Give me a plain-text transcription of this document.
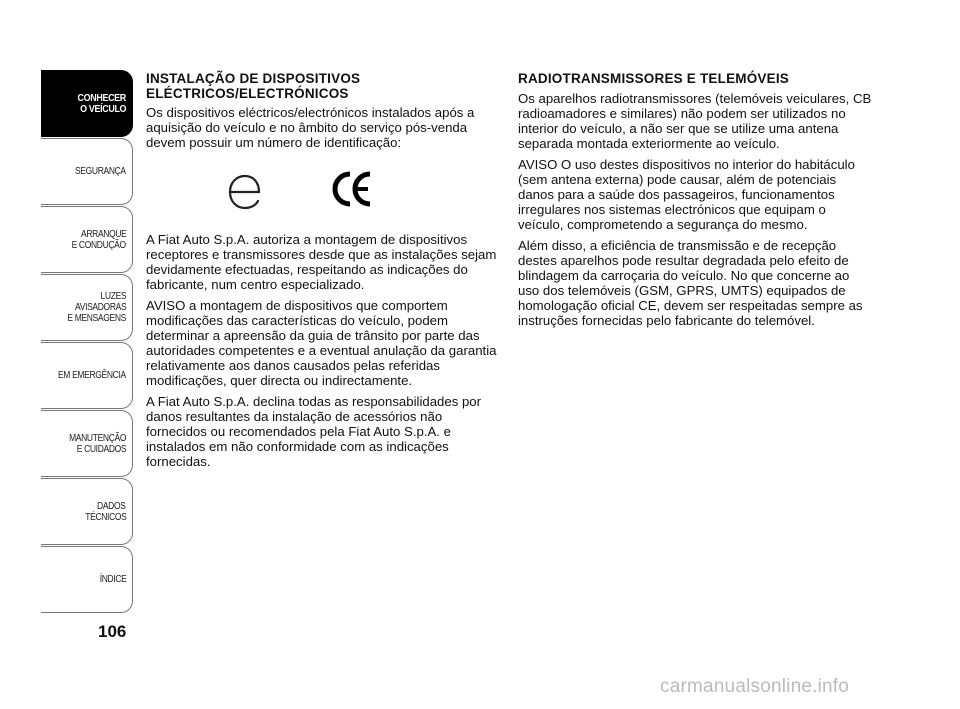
CONHECER
O VEÍCULO
SEGURANÇA
ARRANQUE
E CONDUÇÃO
LUZES
AVISADORAS
E MENSAGENS
EM EMERGÊNCIA
MANUTENÇÃO
E CUIDADOS
DADOS
TÉCNICOS
ÍNDICE
106
INSTALAÇÃO DE DISPOSITIVOS
ELÉCTRICOS/ELECTRÓNICOS

Os dispositivos eléctricos/electrónicos instalados após a aquisição do veículo e no âmbito do serviço pós-venda devem possuir um número de identificação:

A Fiat Auto S.p.A. autoriza a montagem de dispositivos receptores e transmissores desde que as instalações sejam devidamente efectuadas, respeitando as indicações do fabricante, num centro especializado.

AVISO a montagem de dispositivos que comportem modificações das características do veículo, podem determinar a apreensão da guia de trânsito por parte das autoridades competentes e a eventual anulação da garantia relativamente aos danos causados pelas referidas modificações, quer directa ou indirectamente.

A Fiat Auto S.p.A. declina todas as responsabilidades por danos resultantes da instalação de acessórios não fornecidos ou recomendados pela Fiat Auto S.p.A. e instalados em não conformidade com as indicações fornecidas.

RADIOTRANSMISSORES E TELEMÓVEIS

Os aparelhos radiotransmissores (telemóveis veiculares, CB radioamadores e similares) não podem ser utilizados no interior do veículo, a não ser que se utilize uma antena separada montada exteriormente ao veículo.

AVISO O uso destes dispositivos no interior do habitáculo (sem antena externa) pode causar, além de potenciais danos para a saúde dos passageiros, funcionamentos irregulares nos sistemas electrónicos que equipam o veículo, comprometendo a segurança do mesmo.

Além disso, a eficiência de transmissão e de recepção destes aparelhos pode resultar degradada pelo efeito de blindagem da carroçaria do veículo. No que concerne ao uso dos telemóveis (GSM, GPRS, UMTS) equipados de homologação oficial CE, devem ser respeitadas sempre as instruções fornecidas pelo fabricante do telemóvel.

carmanualsonline.info
